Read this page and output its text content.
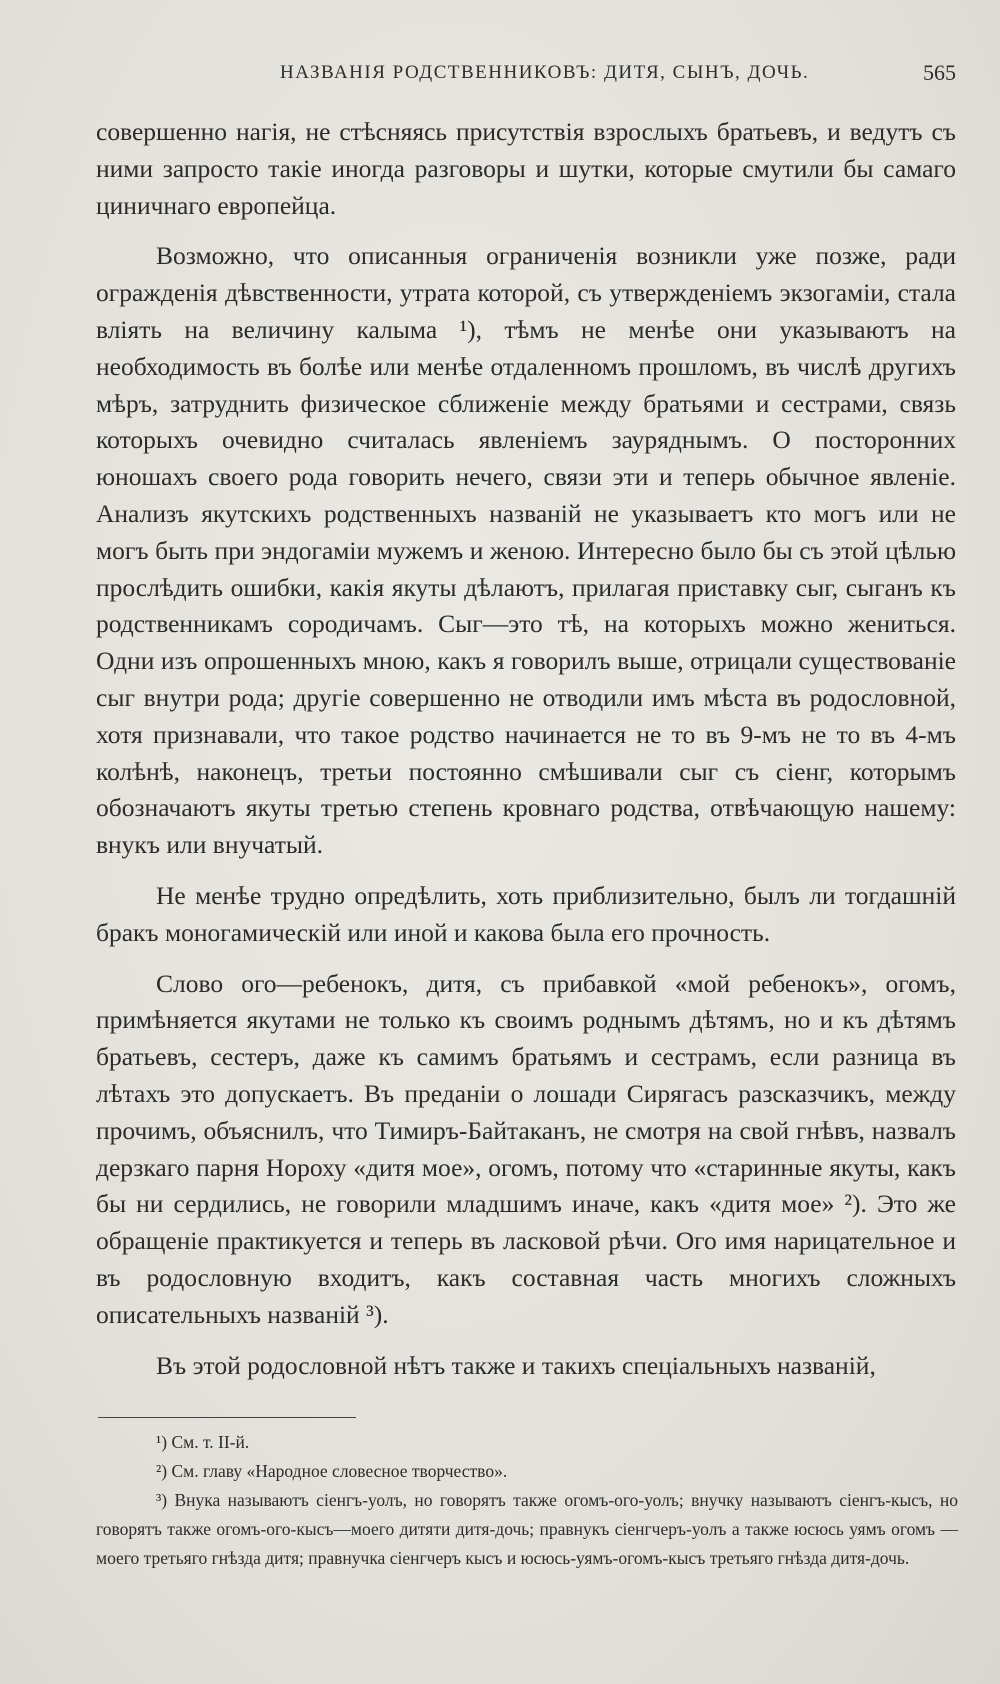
НАЗВАНІЯ РОДСТВЕННИКОВЪ: ДИТЯ, СЫНЪ, ДОЧЬ.	565

совершенно нагія, не стѣсняясь присутствія взрослыхъ братьевъ, и ведутъ съ ними запросто такіе иногда разговоры и шутки, которые смутили бы самаго циничнаго европейца.

Возможно, что описанныя ограниченія возникли уже позже, ради огражденія дѣвственности, утрата которой, съ утвержденіемъ экзогаміи, стала вліять на величину калыма ¹), тѣмъ не менѣе они указываютъ на необходимость въ болѣе или менѣе отдаленномъ прошломъ, въ числѣ другихъ мѣръ, затруднить физическое сближеніе между братьями и сестрами, связь которыхъ очевидно считалась явленіемъ зауряднымъ. О посторонних юношахъ своего рода говорить нечего, связи эти и теперь обычное явленіе. Анализъ якутскихъ родственныхъ названій не указываетъ кто могъ или не могъ быть при эндогаміи мужемъ и женою. Интересно было бы съ этой цѣлью прослѣдить ошибки, какія якуты дѣлаютъ, прилагая приставку сыг, сыганъ къ родственникамъ сородичамъ. Сыг—это тѣ, на которыхъ можно жениться. Одни изъ опрошенныхъ мною, какъ я говорилъ выше, отрицали существованіе сыг внутри рода; другіе совершенно не отводили имъ мѣста въ родословной, хотя признавали, что такое родство начинается не то въ 9-мъ не то въ 4-мъ колѣнѣ, наконецъ, третьи постоянно смѣшивали сыг съ сіенг, которымъ обозначаютъ якуты третью степень кровнаго родства, отвѣчающую нашему: внукъ или внучатый.

Не менѣе трудно опредѣлить, хоть приблизительно, былъ ли тогдашній бракъ моногамическій или иной и какова была его прочность.

Слово ого—ребенокъ, дитя, съ прибавкой «мой ребенокъ», огомъ, примѣняется якутами не только къ своимъ роднымъ дѣтямъ, но и къ дѣтямъ братьевъ, сестеръ, даже къ самимъ братьямъ и сестрамъ, если разница въ лѣтахъ это допускаетъ. Въ преданіи о лошади Сирягасъ разсказчикъ, между прочимъ, объяснилъ, что Тимиръ-Байтаканъ, не смотря на свой гнѣвъ, назвалъ дерзкаго парня Нороху «дитя мое», огомъ, потому что «старинные якуты, какъ бы ни сердились, не говорили младшимъ иначе, какъ «дитя мое» ²). Это же обращеніе практикуется и теперь въ ласковой рѣчи. Ого имя нарицательное и въ родословную входитъ, какъ составная часть многихъ сложныхъ описательныхъ названій ³).

Въ этой родословной нѣтъ также и такихъ спеціальныхъ названій,

¹) См. т. II-й.

²) См. главу «Народное словесное творчество».

³) Внука называютъ сіенгъ-уолъ, но говорятъ также огомъ-ого-уолъ; внучку называютъ сіенгъ-кысъ, но говорятъ также огомъ-ого-кысъ—моего дитяти дитя-дочь; правнукъ сіенгчеръ-уолъ а также юсюсь уямъ огомъ — моего третьяго гнѣзда дитя; правнучка сіенгчеръ кысъ и юсюсь-уямъ-огомъ-кысъ третьяго гнѣзда дитя-дочь.
